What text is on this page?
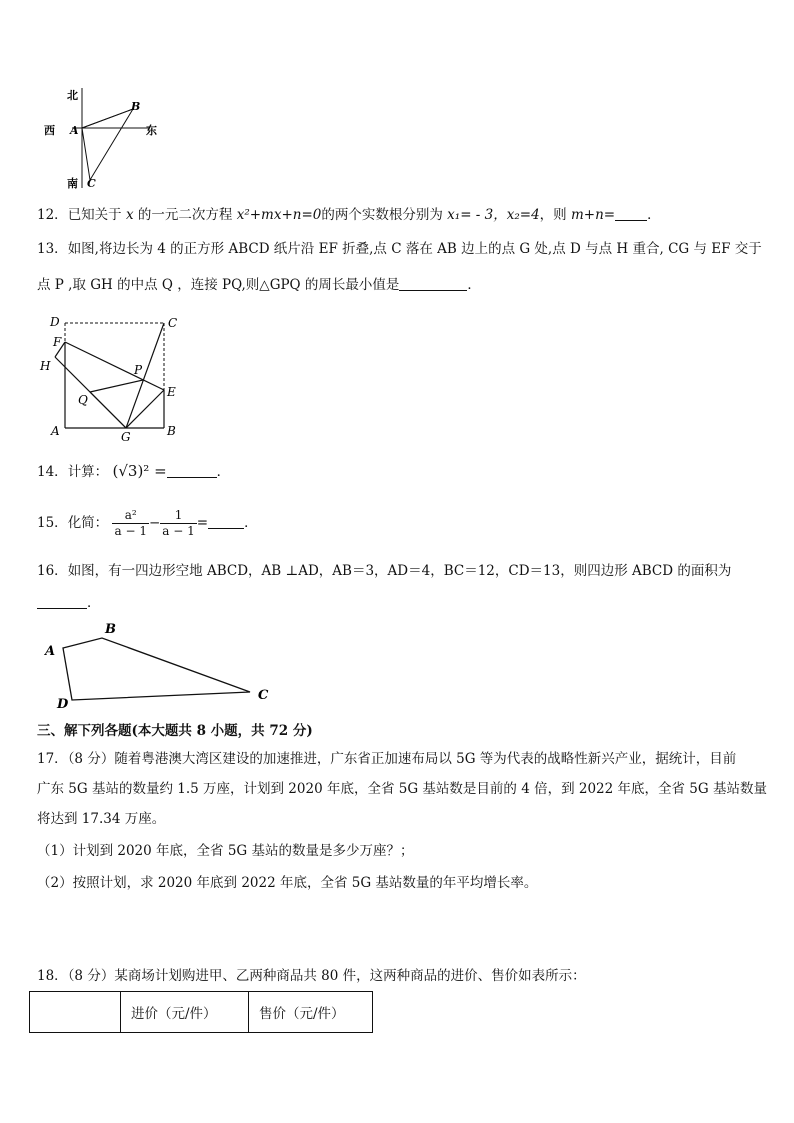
北
南
西	东
A
B
C
12．已知关于 x 的一元二次方程 x²+mx+n=0的两个实数根分别为 x₁= - 3，x₂=4，则 m+n= ．
13．如图,将边长为 4 的正方形 ABCD 纸片沿 EF 折叠,点 C 落在 AB 边上的点 G 处,点 D 与点 H 重合, CG 与 EF 交于
点 P ,取 GH 的中点 Q ，连接 PQ,则△GPQ 的周长最小值是	．
D	C
F
H	P
Q
E
A	G	B
14．计算： (√3)² =	．
15．化简： $\frac{\text{a²}}{a - 1} - \frac{1}{a - 1}$ =	．
16．如图，有一四边形空地 ABCD，AB ⊥AD，AB＝3，AD＝4，BC＝12，CD＝13，则四边形 ABCD 的面积为
．
A
B
C
D
三、解下列各题(本大题共 8 小题，共 72 分)
17．（8 分）随着粤港澳大湾区建设的加速推进，广东省正加速布局以 5G 等为代表的战略性新兴产业，据统计，目前
广东 5G 基站的数量约 1.5 万座，计划到 2020 年底，全省 5G 基站数是目前的 4 倍，到 2022 年底，全省 5G 基站数量
将达到 17.34 万座。
（1）计划到 2020 年底，全省 5G 基站的数量是多少万座？；
（2）按照计划，求 2020 年底到 2022 年底，全省 5G 基站数量的年平均增长率。
18．（8 分）某商场计划购进甲、乙两种商品共 80 件，这两种商品的进价、售价如表所示：
	进价（元/件）	售价（元/件）
